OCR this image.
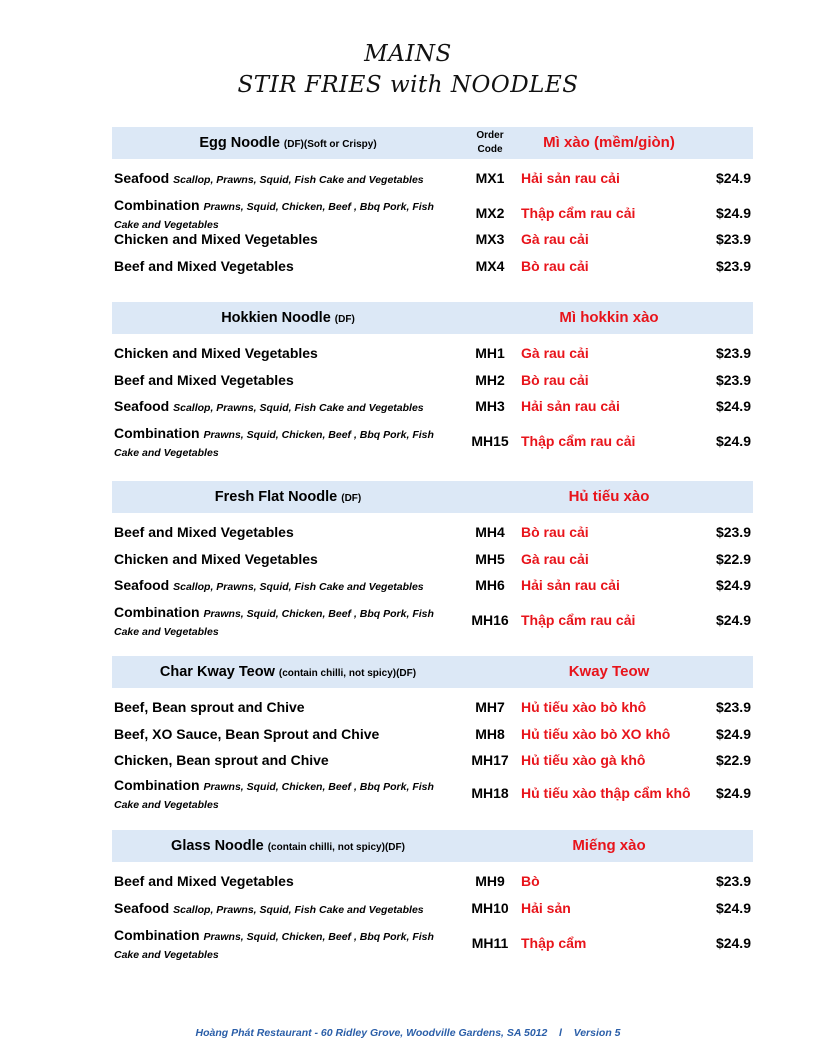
MAINS
STIR FRIES with NOODLES
Egg Noodle (DF)(Soft or Crispy)
Order Code	Mì xào (mềm/giòn)
Seafood Scallop, Prawns, Squid, Fish Cake and Vegetables	MX1	Hải sản rau cải	$24.9
Combination Prawns, Squid, Chicken, Beef , Bbq Pork, Fish Cake and Vegetables
MX2	Thập cẩm rau cải	$24.9
Chicken and Mixed Vegetables	MX3	Gà rau cải	$23.9
Beef and Mixed Vegetables	MX4	Bò rau cải	$23.9
Hokkien Noodle (DF)	Mì hokkin xào
Chicken and Mixed Vegetables	MH1	Gà rau cải	$23.9
Beef and Mixed Vegetables	MH2	Bò rau cải	$23.9
Seafood Scallop, Prawns, Squid, Fish Cake and Vegetables	MH3	Hải sản rau cải	$24.9
Combination Prawns, Squid, Chicken, Beef , Bbq Pork, Fish Cake and Vegetables
MH15 Thập cẩm rau cải	$24.9
Fresh Flat Noodle (DF)	Hủ tiếu xào
Beef and Mixed Vegetables	MH4	Bò rau cải	$23.9
Chicken and Mixed Vegetables	MH5	Gà rau cải	$22.9
Seafood Scallop, Prawns, Squid, Fish Cake and Vegetables	MH6	Hải sản rau cải	$24.9
Combination Prawns, Squid, Chicken, Beef , Bbq Pork, Fish Cake and Vegetables
MH16 Thập cẩm rau cải	$24.9
Char Kway Teow (contain chilli, not spicy)(DF)	Kway Teow
Beef, Bean sprout and Chive	MH7	Hủ tiếu xào bò khô	$23.9
Beef, XO Sauce, Bean Sprout and Chive	MH8	Hủ tiếu xào bò XO khô	$24.9
Chicken, Bean sprout and Chive	MH17 Hủ tiếu xào gà khô	$22.9
Combination Prawns, Squid, Chicken, Beef , Bbq Pork, Fish Cake and Vegetables
MH18 Hủ tiếu xào thập cẩm khô	$24.9
Glass Noodle (contain chilli, not spicy)(DF)	Miếng xào
Beef and Mixed Vegetables	MH9	Bò	$23.9
Seafood Scallop, Prawns, Squid, Fish Cake and Vegetables	MH10 Hải sản	$24.9
Combination Prawns, Squid, Chicken, Beef , Bbq Pork, Fish Cake and Vegetables
MH11 Thập cẩm	$24.9
Hoàng Phát Restaurant - 60 Ridley Grove, Woodville Gardens, SA 5012    l    Version 5
